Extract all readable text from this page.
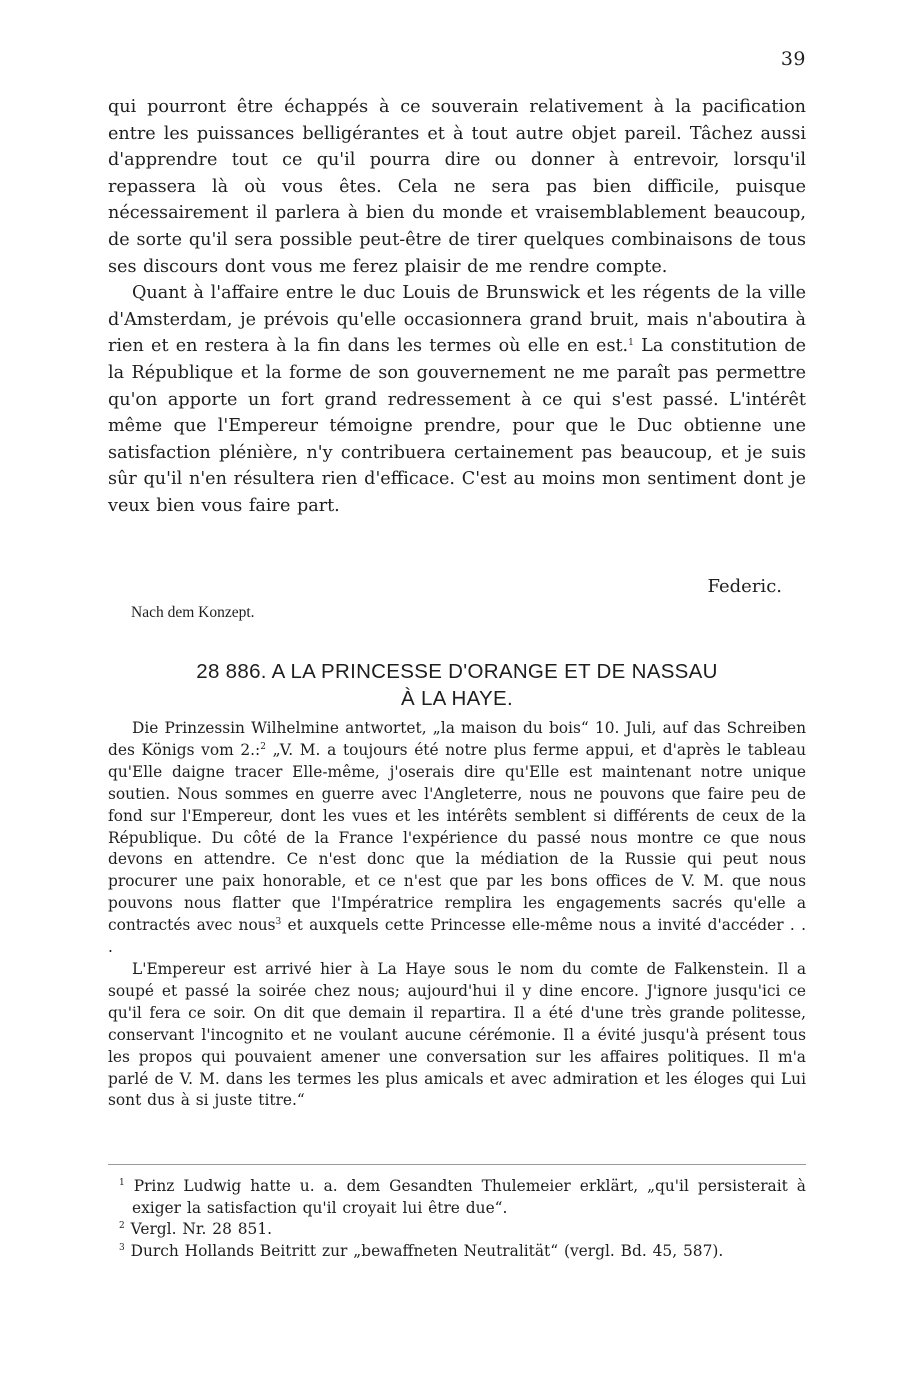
39

qui pourront être échappés à ce souverain relativement à la pacification entre les puissances belligérantes et à tout autre objet pareil. Tâchez aussi d'apprendre tout ce qu'il pourra dire ou donner à entrevoir, lorsqu'il repassera là où vous êtes. Cela ne sera pas bien difficile, puisque nécessairement il parlera à bien du monde et vraisemblablement beaucoup, de sorte qu'il sera possible peut-être de tirer quelques combinaisons de tous ses discours dont vous me ferez plaisir de me rendre compte.

Quant à l'affaire entre le duc Louis de Brunswick et les régents de la ville d'Amsterdam, je prévois qu'elle occasionnera grand bruit, mais n'aboutira à rien et en restera à la fin dans les termes où elle en est.$^1$ La constitution de la République et la forme de son gouvernement ne me paraît pas permettre qu'on apporte un fort grand redressement à ce qui s'est passé. L'intérêt même que l'Empereur témoigne prendre, pour que le Duc obtienne une satisfaction plénière, n'y contribuera certainement pas beaucoup, et je suis sûr qu'il n'en résultera rien d'efficace. C'est au moins mon sentiment dont je veux bien vous faire part.

Federic.
Nach dem Konzept.
28 886. A LA PRINCESSE D'ORANGE ET DE NASSAU
À LA HAYE.

Die Prinzessin Wilhelmine antwortet, „la maison du bois“ 10. Juli, auf das Schreiben des Königs vom 2.:$^2$ „V. M. a toujours été notre plus ferme appui, et d'après le tableau qu'Elle daigne tracer Elle-même, j'oserais dire qu'Elle est maintenant notre unique soutien. Nous sommes en guerre avec l'Angleterre, nous ne pouvons que faire peu de fond sur l'Empereur, dont les vues et les intérêts semblent si différents de ceux de la République. Du côté de la France l'expérience du passé nous montre ce que nous devons en attendre. Ce n'est donc que la médiation de la Russie qui peut nous procurer une paix honorable, et ce n'est que par les bons offices de V. M. que nous pouvons nous flatter que l'Impératrice remplira les engagements sacrés qu'elle a contractés avec nous$^3$ et auxquels cette Princesse elle-même nous a invité d'accéder . . .

L'Empereur est arrivé hier à La Haye sous le nom du comte de Falkenstein. Il a soupé et passé la soirée chez nous; aujourd'hui il y dine encore. J'ignore jusqu'ici ce qu'il fera ce soir. On dit que demain il repartira. Il a été d'une très grande politesse, conservant l'incognito et ne voulant aucune cérémonie. Il a évité jusqu'à présent tous les propos qui pouvaient amener une conversation sur les affaires politiques. Il m'a parlé de V. M. dans les termes les plus amicals et avec admiration et les éloges qui Lui sont dus à si juste titre.“

$^1$ Prinz Ludwig hatte u. a. dem Gesandten Thulemeier erklärt, „qu'il persisterait à exiger la satisfaction qu'il croyait lui être due“.

$^2$ Vergl. Nr. 28 851.

$^3$ Durch Hollands Beitritt zur „bewaffneten Neutralität“ (vergl. Bd. 45, 587).
